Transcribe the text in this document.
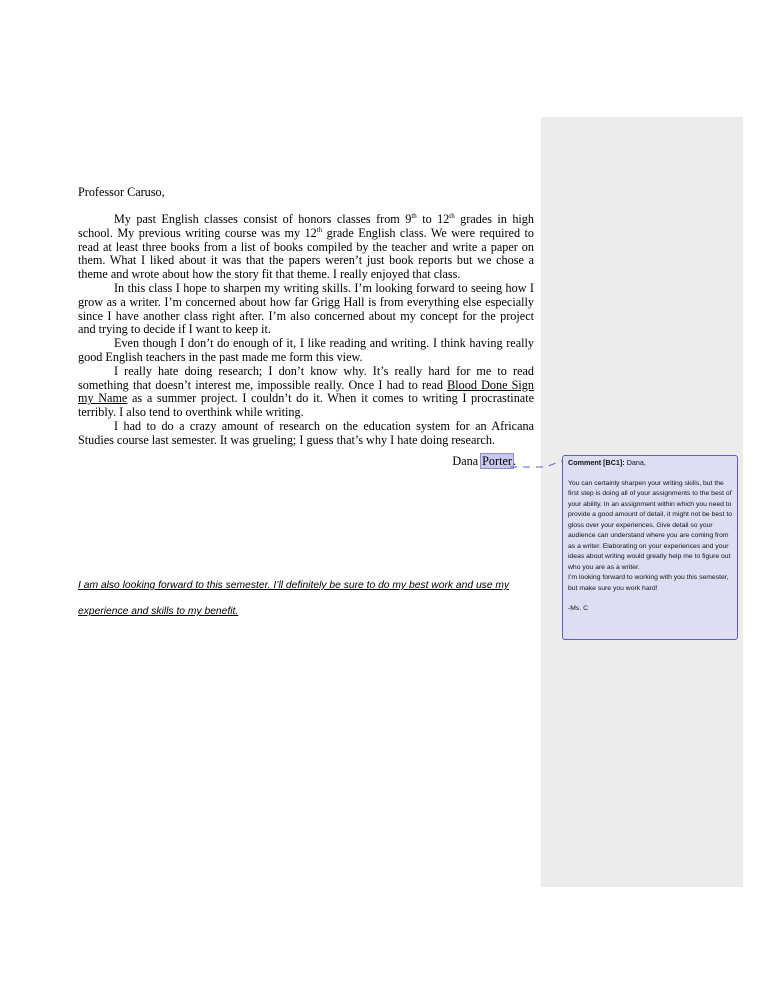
Professor Caruso,

My past English classes consist of honors classes from 9th to 12th grades in high school. My previous writing course was my 12th grade English class. We were required to read at least three books from a list of books compiled by the teacher and write a paper on them. What I liked about it was that the papers weren’t just book reports but we chose a theme and wrote about how the story fit that theme. I really enjoyed that class.

In this class I hope to sharpen my writing skills. I’m looking forward to seeing how I grow as a writer. I’m concerned about how far Grigg Hall is from everything else especially since I have another class right after. I’m also concerned about my concept for the project and trying to decide if I want to keep it.

Even though I don’t do enough of it, I like reading and writing. I think having really good English teachers in the past made me form this view.

I really hate doing research; I don’t know why. It’s really hard for me to read something that doesn’t interest me, impossible really. Once I had to read Blood Done Sign my Name as a summer project. I couldn’t do it. When it comes to writing I procrastinate terribly. I also tend to overthink while writing.

I had to do a crazy amount of research on the education system for an Africana Studies course last semester. It was grueling; I guess that’s why I hate doing research.

Dana Porter.
I am also looking forward to this semester. I’ll definitely be sure to do my best work and use my experience and skills to my benefit.
Comment [BC1]: Dana,

You can certainly sharpen your writing skills, but the first step is doing all of your assignments to the best of your ability. In an assignment within which you need to provide a good amount of detail, it might not be best to gloss over your experiences. Give detail so your audience can understand where you are coming from as a writer. Elaborating on your experiences and your ideas about writing would greatly help me to figure out who you are as a writer.

I’m looking forward to working with you this semester, but make sure you work hard!

-Ms. C
